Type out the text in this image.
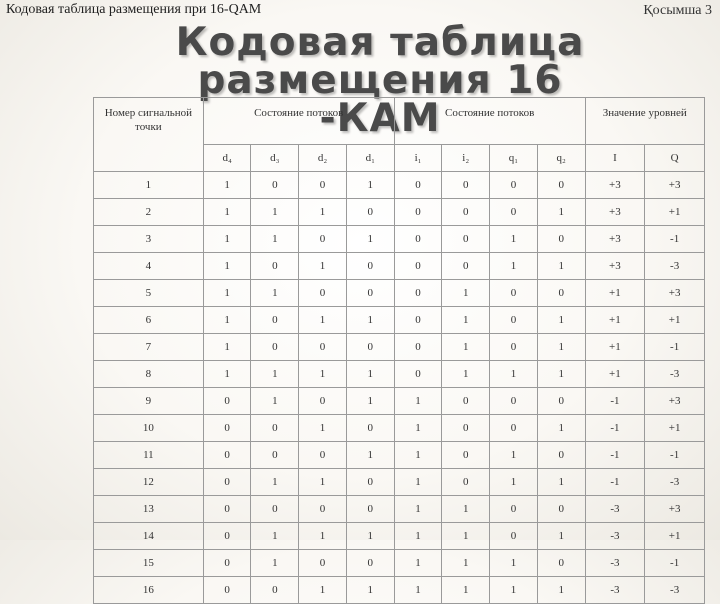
Кодовая таблица размещения при 16-QAM	Қосымша 3
Кодовая таблица размещения 16
-КАМ
Номер сигнальной точки	Состояние потоков				Состояние потоков				Значение уровней	
	d₄	d₃	d₂	d₁	i₁	i₂	q₁	q₂	I	Q
1	1	0	0	1	0	0	0	0	+3	+3
2	1	1	1	0	0	0	0	1	+3	+1
3	1	1	0	1	0	0	1	0	+3	-1
4	1	0	1	0	0	0	1	1	+3	-3
5	1	1	0	0	0	1	0	0	+1	+3
6	1	0	1	1	0	1	0	1	+1	+1
7	1	0	0	0	0	1	0	1	+1	-1
8	1	1	1	1	0	1	1	1	+1	-3
9	0	1	0	1	1	0	0	0	-1	+3
10	0	0	1	0	1	0	0	1	-1	+1
11	0	0	0	1	1	0	1	0	-1	-1
12	0	1	1	0	1	0	1	1	-1	-3
13	0	0	0	0	1	1	0	0	-3	+3
14	0	1	1	1	1	1	0	1	-3	+1
15	0	1	0	0	1	1	1	0	-3	-1
16	0	0	1	1	1	1	1	1	-3	-3
